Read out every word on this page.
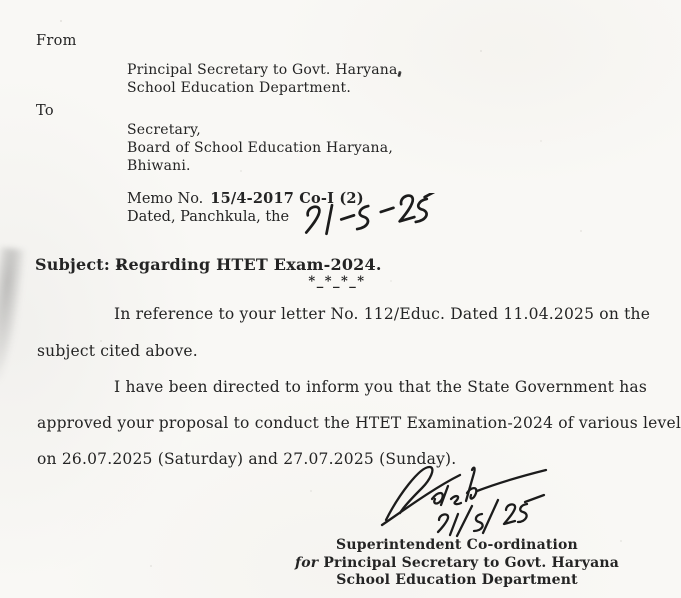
From
Principal Secretary to Govt. Haryana,
School Education Department.
To
Secretary,
Board of School Education Haryana,
Bhiwani.
Memo No. 15/4-2017 Co-I (2)
Dated, Panchkula, the
Subject: -Regarding HTET Exam-2024.
*_*_*_*
In reference to your letter No. 112/Educ. Dated 11.04.2025 on the
subject cited above.
I have been directed to inform you that the State Government has
approved your proposal to conduct the HTET Examination-2024 of various level
on 26.07.2025 (Saturday) and 27.07.2025 (Sunday).
Superintendent Co-ordination
for Principal Secretary to Govt. Haryana
School Education Department
